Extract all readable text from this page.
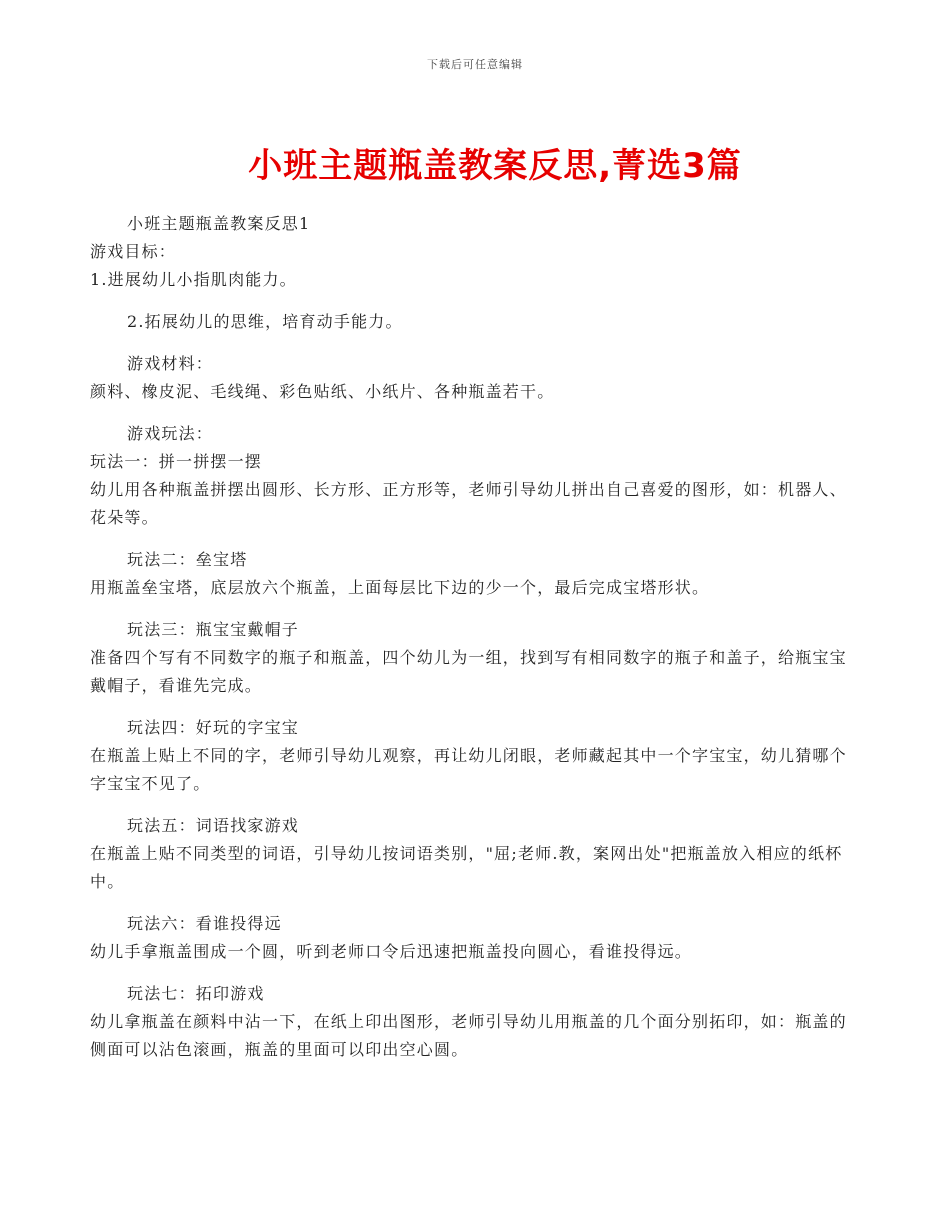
下载后可任意编辑
小班主题瓶盖教案反思,菁选3篇

小班主题瓶盖教案反思1

游戏目标：

1.进展幼儿小指肌肉能力。

2.拓展幼儿的思维，培育动手能力。

游戏材料：

颜料、橡皮泥、毛线绳、彩色贴纸、小纸片、各种瓶盖若干。

游戏玩法：

玩法一：拼一拼摆一摆

幼儿用各种瓶盖拼摆出圆形、长方形、正方形等，老师引导幼儿拼出自己喜爱的图形，如：机器人、花朵等。

玩法二：垒宝塔

用瓶盖垒宝塔，底层放六个瓶盖，上面每层比下边的少一个，最后完成宝塔形状。

玩法三：瓶宝宝戴帽子

准备四个写有不同数字的瓶子和瓶盖，四个幼儿为一组，找到写有相同数字的瓶子和盖子，给瓶宝宝戴帽子，看谁先完成。

玩法四：好玩的字宝宝

在瓶盖上贴上不同的字，老师引导幼儿观察，再让幼儿闭眼，老师藏起其中一个字宝宝，幼儿猜哪个字宝宝不见了。

玩法五：词语找家游戏

在瓶盖上贴不同类型的词语，引导幼儿按词语类别，"屈;老师.教，案网出处"把瓶盖放入相应的纸杯中。

玩法六：看谁投得远

幼儿手拿瓶盖围成一个圆，听到老师口令后迅速把瓶盖投向圆心，看谁投得远。

玩法七：拓印游戏

幼儿拿瓶盖在颜料中沾一下，在纸上印出图形，老师引导幼儿用瓶盖的几个面分别拓印，如：瓶盖的侧面可以沾色滚画，瓶盖的里面可以印出空心圆。
